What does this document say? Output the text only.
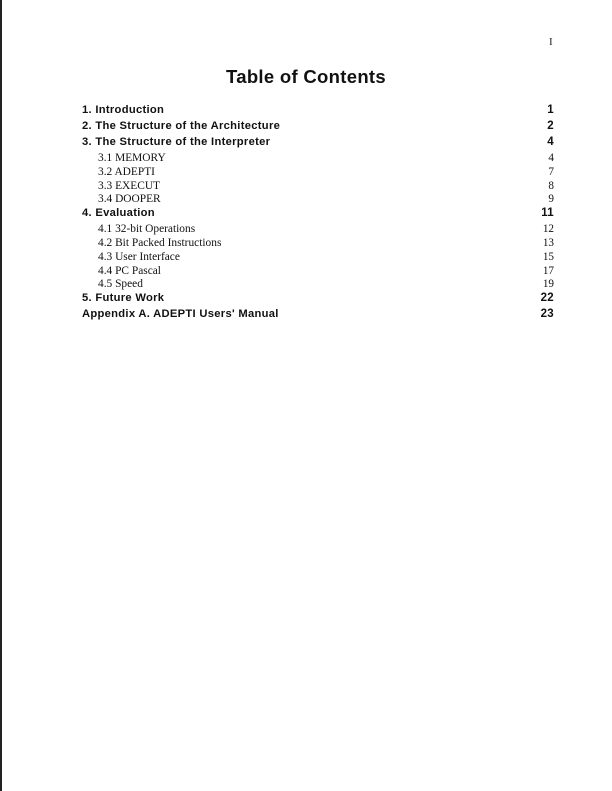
I
Table of Contents
1. Introduction	1
2. The Structure of the Architecture	2
3. The Structure of the Interpreter	4
3.1 MEMORY	4
3.2 ADEPTI	7
3.3 EXECUT	8
3.4 DOOPER	9
4. Evaluation	11
4.1 32-bit Operations	12
4.2 Bit Packed Instructions	13
4.3 User Interface	15
4.4 PC Pascal	17
4.5 Speed	19
5. Future Work	22
Appendix A. ADEPTI Users' Manual	23
